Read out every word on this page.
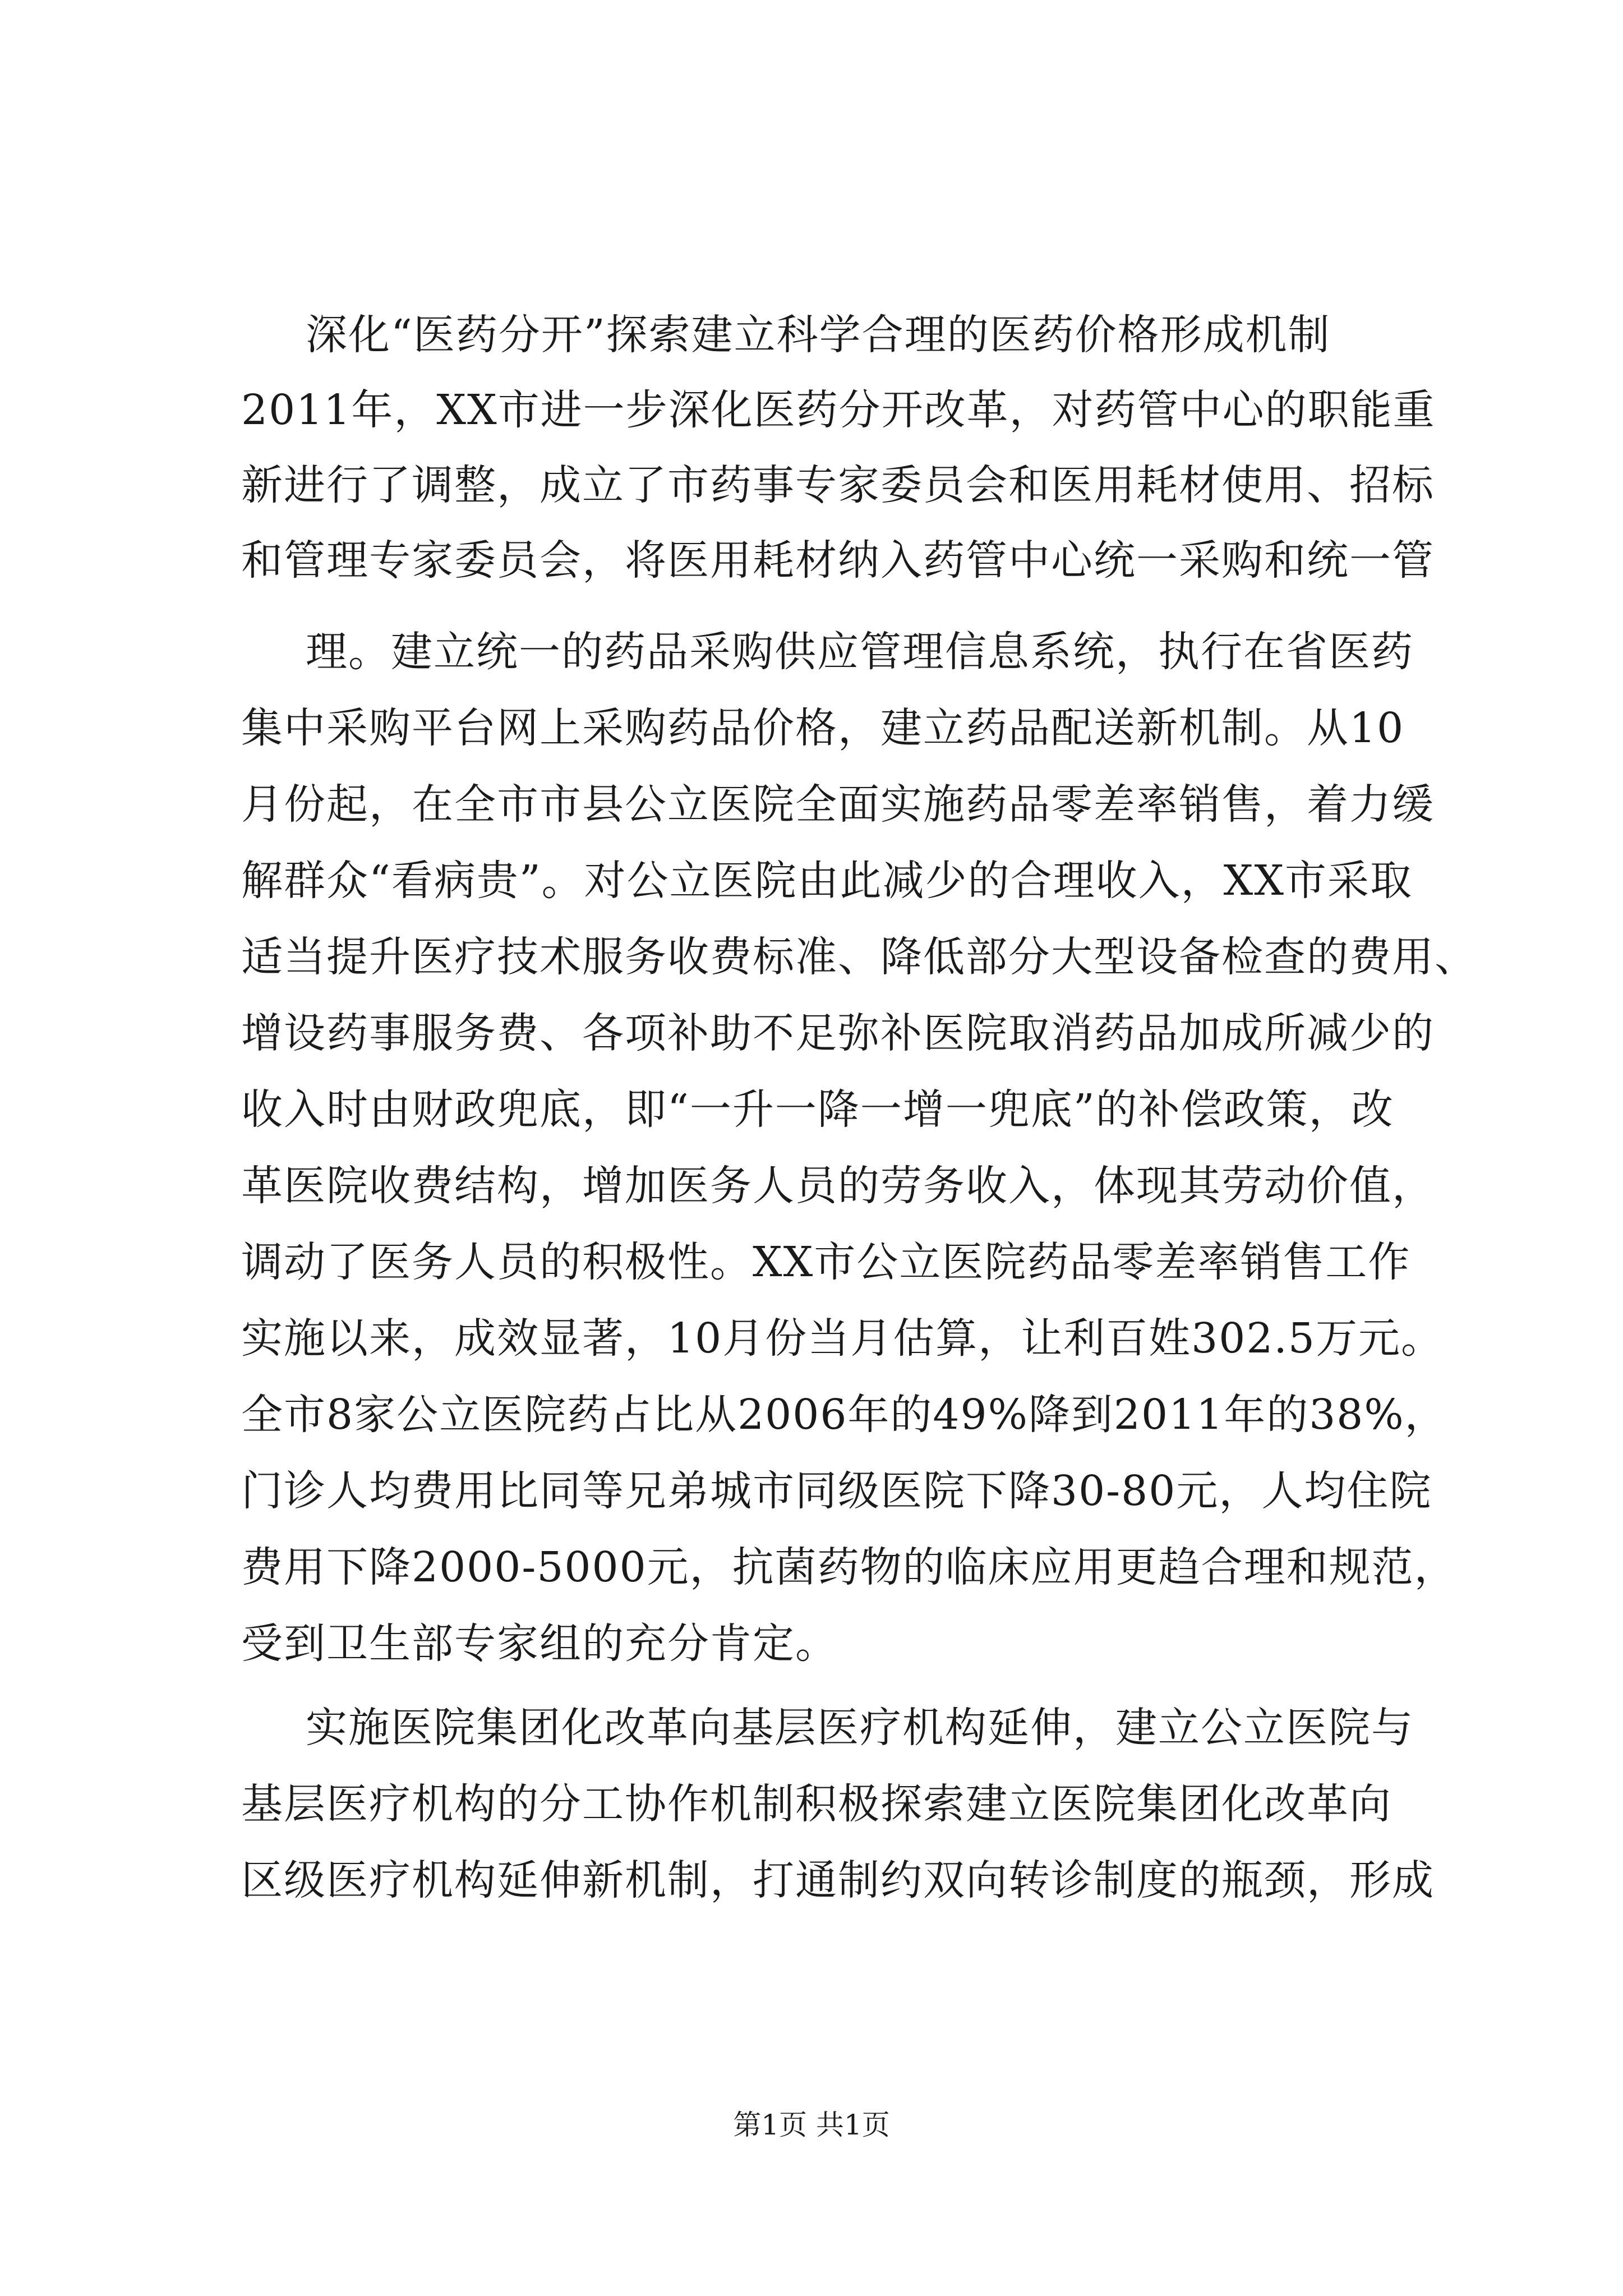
深化“医药分开”探索建立科学合理的医药价格形成机制
2011年，XX市进一步深化医药分开改革，对药管中心的职能重
新进行了调整，成立了市药事专家委员会和医用耗材使用、招标
和管理专家委员会，将医用耗材纳入药管中心统一采购和统一管
理。建立统一的药品采购供应管理信息系统，执行在省医药
集中采购平台网上采购药品价格，建立药品配送新机制。从10
月份起，在全市市县公立医院全面实施药品零差率销售，着力缓
解群众“看病贵”。对公立医院由此减少的合理收入，XX市采取
适当提升医疗技术服务收费标准、降低部分大型设备检查的费用、
增设药事服务费、各项补助不足弥补医院取消药品加成所减少的
收入时由财政兜底，即“一升一降一增一兜底”的补偿政策，改
革医院收费结构，增加医务人员的劳务收入，体现其劳动价值，
调动了医务人员的积极性。XX市公立医院药品零差率销售工作
实施以来，成效显著，10月份当月估算，让利百姓302.5万元。
全市8家公立医院药占比从2006年的49%降到2011年的38%，
门诊人均费用比同等兄弟城市同级医院下降30-80元，人均住院
费用下降2000-5000元，抗菌药物的临床应用更趋合理和规范，
受到卫生部专家组的充分肯定。
实施医院集团化改革向基层医疗机构延伸，建立公立医院与
基层医疗机构的分工协作机制积极探索建立医院集团化改革向
区级医疗机构延伸新机制，打通制约双向转诊制度的瓶颈，形成
第1页 共1页
